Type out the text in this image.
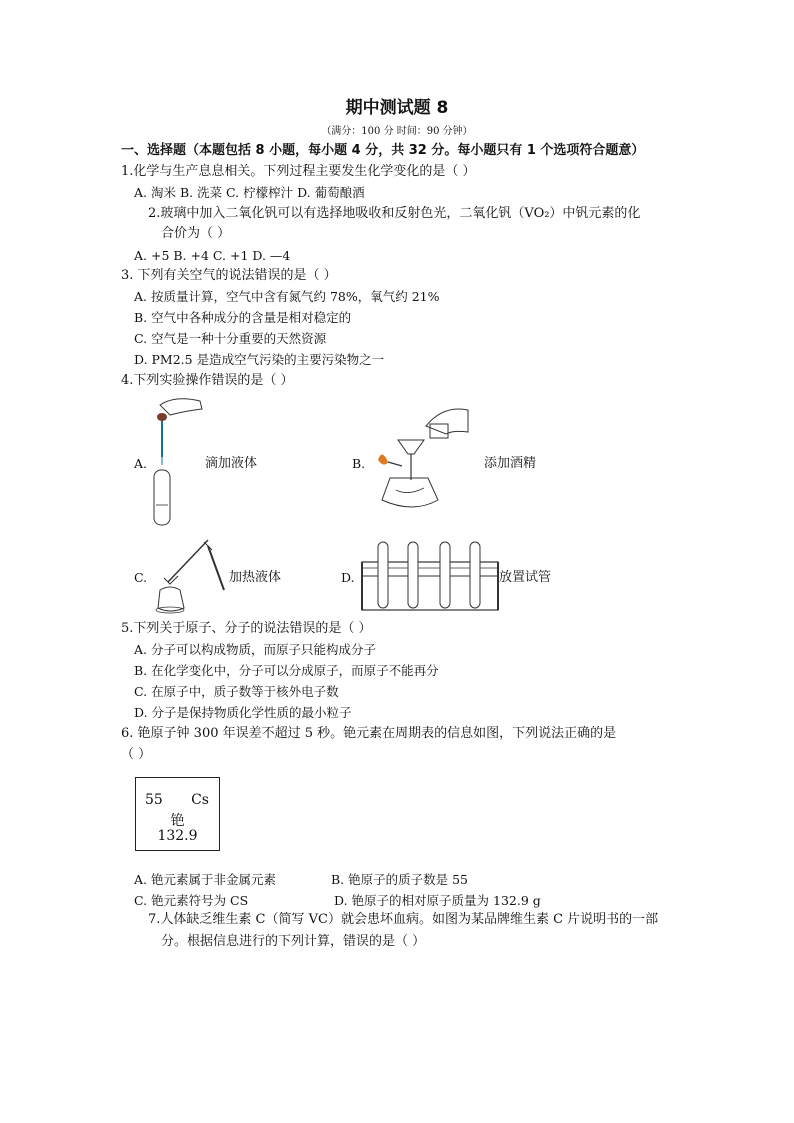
期中测试题 8
（满分：100 分 时间：90 分钟）
一、选择题（本题包括 8 小题，每小题 4 分，共 32 分。每小题只有 1 个选项符合题意）
1.化学与生产息息相关。下列过程主要发生化学变化的是（ ）
A. 淘米 B. 洗菜 C. 柠檬榨汁 D. 葡萄酿酒
2.玻璃中加入二氧化钒可以有选择地吸收和反射色光，二氧化钒（VO₂）中钒元素的化
合价为（ ）
A. +5 B. +4 C. +1 D. —4
3. 下列有关空气的说法错误的是（ ）
A. 按质量计算，空气中含有氮气约 78%，氧气约 21%
B. 空气中各种成分的含量是相对稳定的
C. 空气是一种十分重要的天然资源
D. PM2.5 是造成空气污染的主要污染物之一
4.下列实验操作错误的是（ ）
A.	滴加液体	B.	添加酒精
C.	加热液体	D.	放置试管
5.下列关于原子、分子的说法错误的是（ ）
A. 分子可以构成物质，而原子只能构成分子
B. 在化学变化中，分子可以分成原子，而原子不能再分
C. 在原子中，质子数等于核外电子数
D. 分子是保持物质化学性质的最小粒子
6. 铯原子钟 300 年误差不超过 5 秒。铯元素在周期表的信息如图，下列说法正确的是
（ ）
55 Cs
铯
132.9
A. 铯元素属于非金属元素	B. 铯原子的质子数是 55
C. 铯元素符号为 CS	D. 铯原子的相对原子质量为 132.9 g
7.人体缺乏维生素 C（简写 VC）就会患坏血病。如图为某品牌维生素 C 片说明书的一部
分。根据信息进行的下列计算，错误的是（ ）
